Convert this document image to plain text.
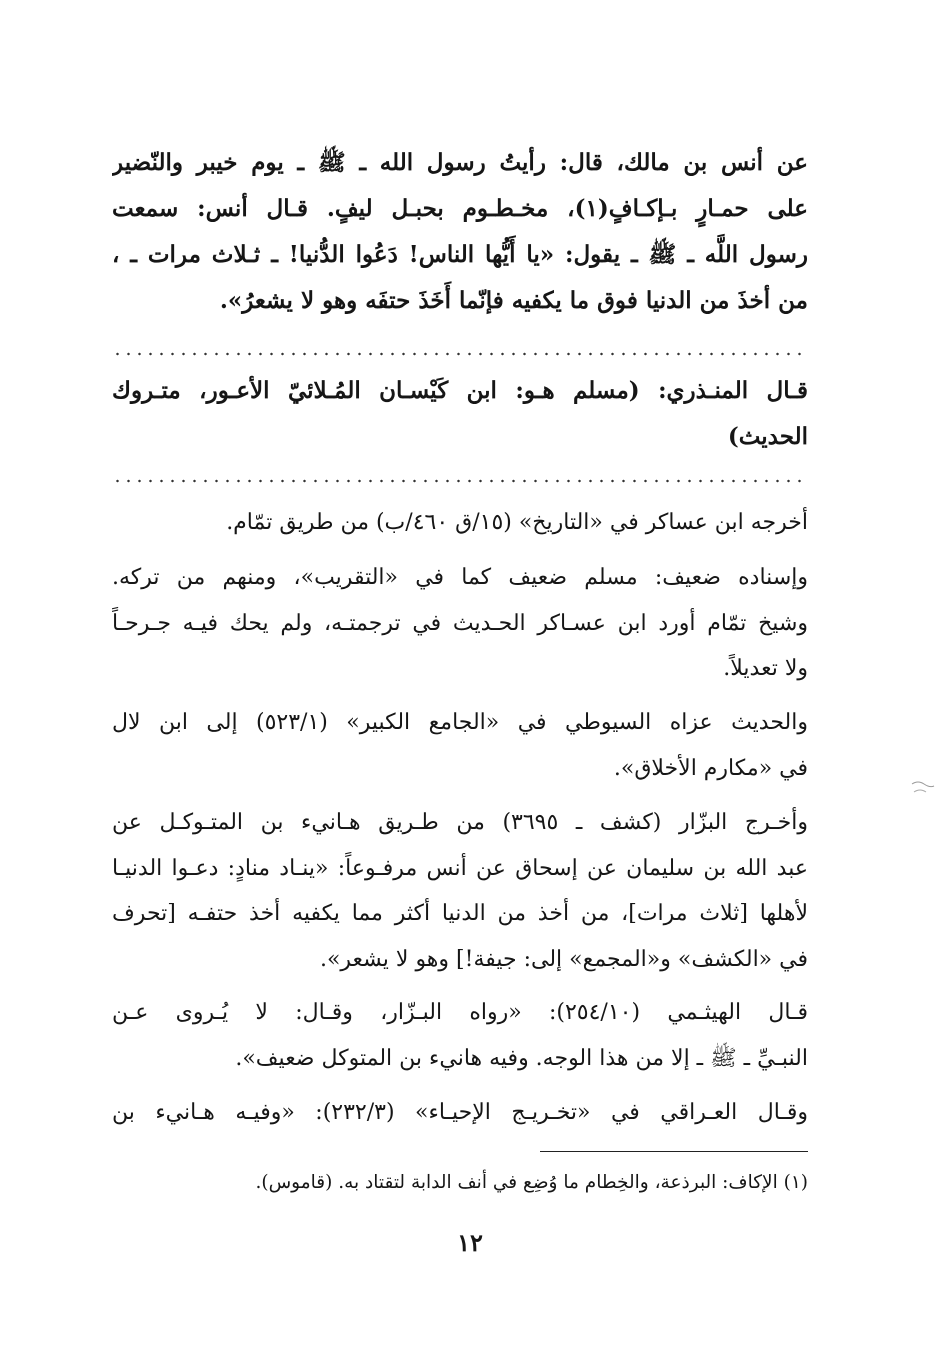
عن أنس بن مالك، قال: رأيتُ رسول الله ـ ﷺ ـ يوم خيبر والنّضير
على حمـارٍ بـإكـافٍ(١)، مخـطـوم بحبـل ليفٍ. قـال أنس: سمعت
رسول اللَّه ـ ﷺ ـ يقول: «يا أَيُّها الناس! دَعُوا الدُّنيا! ـ ثـلاث مرات ـ ،
من أخذَ من الدنيا فوق ما يكفيه فإنّما أَخَذَ حتفَه وهو لا يشعرُ».
قـال المنـذري: (مسلم هـو: ابن كَيْسـان المُـلائيّ الأعـور، متـروك
الحديث)
أخرجه ابن عساكر في «التاريخ» (١٥/ق ٤٦٠/ب) من طريق تمّام.
وإسناده ضعيف: مسلم ضعيف كما في «التقريب»، ومنهم من تركه.
وشيخ تمّام أورد ابن عسـاكر الحـديث في ترجمتـه، ولم يحك فيـه جـرحـاً
ولا تعديلاً.
والحديث عزاه السيوطي في «الجامع الكبير» (٥٢٣/١) إلى ابن لال
في «مكارم الأخلاق».
وأخـرج البزّار (كشف ـ ٣٦٩٥) من طـريق هـانيء بن المتـوكـل عن
عبد الله بن سليمان عن إسحاق عن أنس مرفـوعاً: «ينـاد منادٍ: دعـوا الدنيـا
لأهلها [ثلاث مرات]، من أخذ من الدنيا أكثر مما يكفيه أخذ حتفـه [تحرف
في «الكشف» و«المجمع» إلى: جيفة!] وهو لا يشعر».
قـال الهيثـمي (٢٥٤/١٠): «رواه البـزّار، وقـال: لا يُـروى عـن
النبـيِّ ـ ﷺ ـ إلا من هذا الوجه. وفيه هانيء بن المتوكل ضعيف».
وقـال العـراقي في «تخـريـج الإحيـاء» (٢٣٢/٣): «وفيـه هـانيء بن
(١) الإكاف: البرذعة، والخِطام ما وُضِع في أنف الدابة لتقتاد به. (قاموس).
١٢
